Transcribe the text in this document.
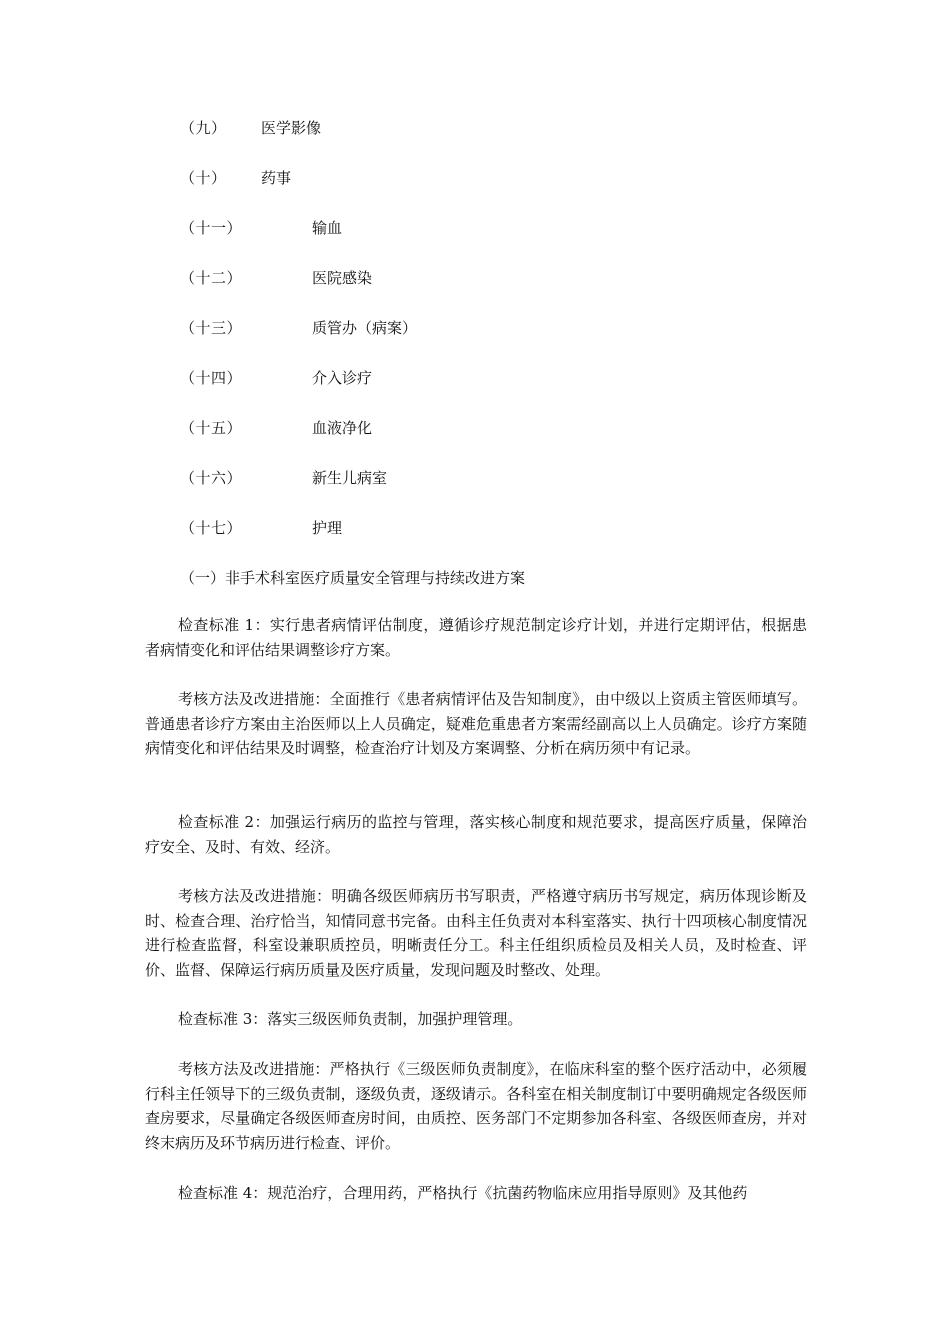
（九） 医学影像
（十） 药事
（十一）	输血
（十二）	医院感染
（十三）	质管办（病案）
（十四）	介入诊疗
（十五）	血液净化
（十六）	新生儿病室
（十七）	护理
（一）非手术科室医疗质量安全管理与持续改进方案

检查标准 1：实行患者病情评估制度，遵循诊疗规范制定诊疗计划，并进行定期评估，根据患者病情变化和评估结果调整诊疗方案。

考核方法及改进措施：全面推行《患者病情评估及告知制度》，由中级以上资质主管医师填写。普通患者诊疗方案由主治医师以上人员确定，疑难危重患者方案需经副高以上人员确定。诊疗方案随病情变化和评估结果及时调整，检查治疗计划及方案调整、分析在病历须中有记录。

检查标准 2：加强运行病历的监控与管理，落实核心制度和规范要求，提高医疗质量，保障治疗安全、及时、有效、经济。

考核方法及改进措施：明确各级医师病历书写职责，严格遵守病历书写规定，病历体现诊断及时、检查合理、治疗恰当，知情同意书完备。由科主任负责对本科室落实、执行十四项核心制度情况进行检查监督，科室设兼职质控员，明晰责任分工。科主任组织质检员及相关人员，及时检查、评价、监督、保障运行病历质量及医疗质量，发现问题及时整改、处理。

检查标准 3：落实三级医师负责制，加强护理管理。

考核方法及改进措施：严格执行《三级医师负责制度》，在临床科室的整个医疗活动中，必须履行科主任领导下的三级负责制，逐级负责，逐级请示。各科室在相关制度制订中要明确规定各级医师查房要求，尽量确定各级医师查房时间，由质控、医务部门不定期参加各科室、各级医师查房，并对终末病历及环节病历进行检查、评价。

检查标准 4：规范治疗，合理用药，严格执行《抗菌药物临床应用指导原则》及其他药
